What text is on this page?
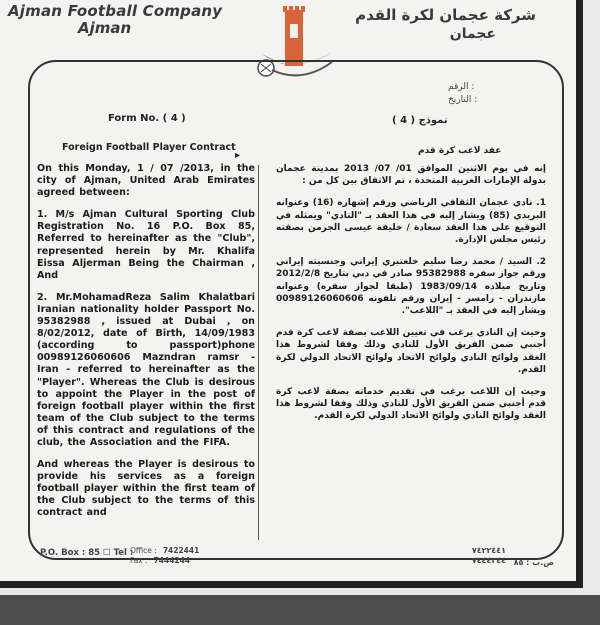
Ajman Football Company
Ajman
شركة عجمان لكرة القدم
عجمان
الرقم :
التاريخ :
Form No. ( 4 )	نموذج ( 4 )
Foreign Football Player Contract
▸	عقد لاعب كرة قدم

On this Monday, 1 / 07 /2013, in the city of Ajman, United Arab Emirates agreed between:

1. M/s Ajman Cultural Sporting Club Registration No. 16 P.O. Box 85, Referred to hereinafter as the "Club", represented herein by Mr. Khalifa Eissa Aljerman Being the Chairman , And

2. Mr.MohamadReza Salim Khalatbari Iranian nationality holder Passport No. 95382988 , issued at Dubai , on 8/02/2012, date of Birth, 14/09/1983 (according to passport)phone 00989126060606 Mazndran ramsr - Iran - referred to hereinafter as the "Player". Whereas the Club is desirous to appoint the Player in the post of foreign football player within the first team of the Club subject to the terms of this contract and regulations of the club, the Association and the FIFA.

And whereas the Player is desirous to provide his services as a foreign football player within the first team of the Club subject to the terms of this contract and

إنه في يوم الاثنين الموافق 01/ 07/ 2013 بمدينة عجمان بدولة الإمارات العربية المتحدة ، تم الاتفاق بين كل من :

1. نادي عجمان الثقافي الرياضي ورقم إشهاره (16) وعنوانه البريدي (85) ويشار إليه في هذا العقد بـ "النادي" ويمثله في التوقيع على هذا العقد سعادة / خليفة عيسى الجرمن بصفته رئيس مجلس الإدارة.

2. السيد / محمد رضا سليم خلعتبري إيراني وجنسيته إيراني ورقم جواز سفره 95382988 صادر في دبي بتاريخ 2012/2/8 وتاريخ ميلاده 1983/09/14 (طبقا لجواز سفره) وعنوانه مازندران - رامسر - إيران ورقم تلفونه 00989126060606 ويشار إليه في العقد بـ "اللاعب".

وحيث إن النادي يرغب في تعيين اللاعب بصفة لاعب كرة قدم أجنبي ضمن الفريق الأول للنادي وذلك وفقا لشروط هذا العقد ولوائح النادي ولوائح الاتحاد ولوائح الاتحاد الدولي لكرة القدم.

وحيث إن اللاعب يرغب في تقديم خدماته بصفة لاعب كرة قدم أجنبي ضمن الفريق الأول للنادي وذلك وفقا لشروط هذا العقد ولوائح النادي ولوائح الاتحاد الدولي لكرة القدم.

P.O. Box : 85 ☐ Tel :
Office : 7422441
Fax : 7444244
٧٤٢٢٤٤١
٧٤٤٤٢٤٤ ص.ب : ٨٥
